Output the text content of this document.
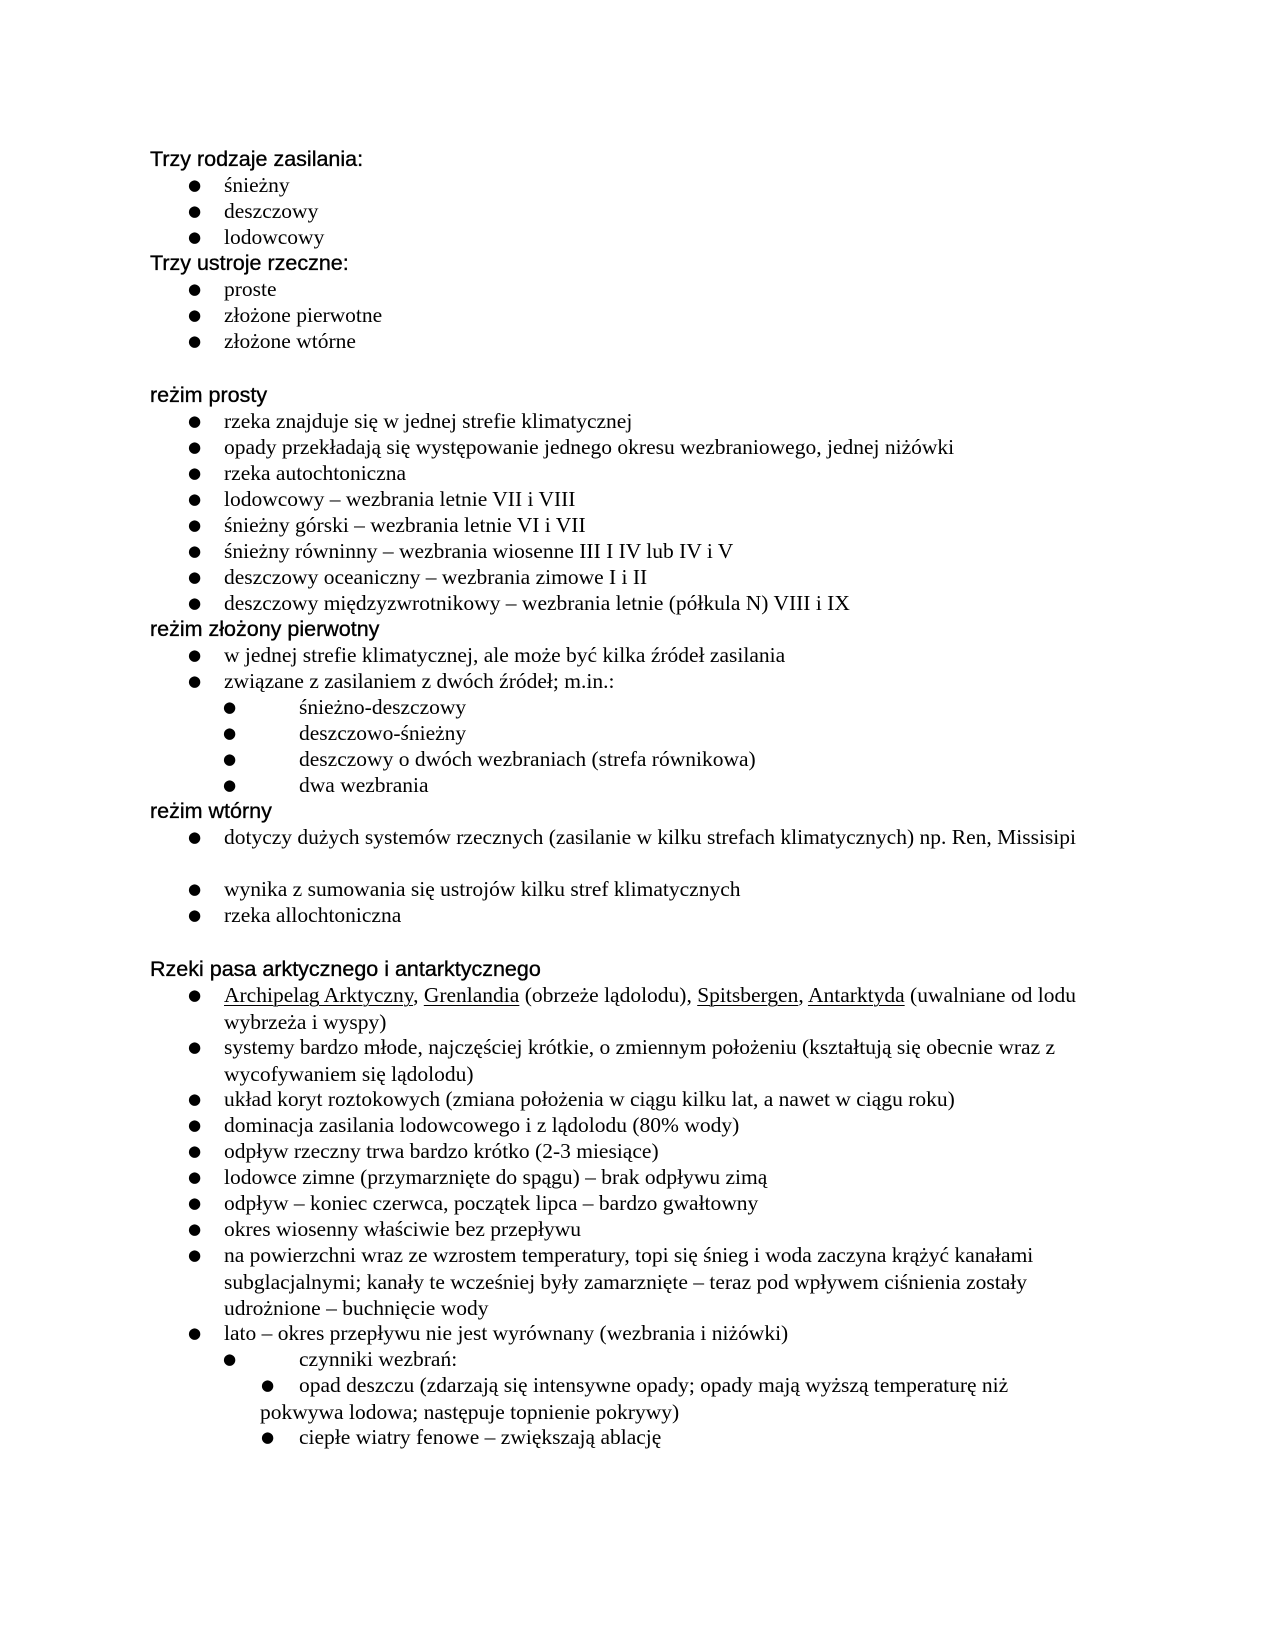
Trzy rodzaje zasilania:
● śnieżny
● deszczowy
● lodowcowy
Trzy ustroje rzeczne:
● proste
● złożone pierwotne
● złożone wtórne
reżim prosty
● rzeka znajduje się w jednej strefie klimatycznej
● opady przekładają się występowanie jednego okresu wezbraniowego, jednej niżówki
● rzeka autochtoniczna
● lodowcowy – wezbrania letnie VII i VIII
● śnieżny górski – wezbrania letnie VI i VII
● śnieżny równinny – wezbrania wiosenne III I IV lub IV i V
● deszczowy oceaniczny – wezbrania zimowe I i II
● deszczowy międzyzwrotnikowy – wezbrania letnie (półkula N) VIII i IX
reżim złożony pierwotny
● w jednej strefie klimatycznej, ale może być kilka źródeł zasilania
● związane z zasilaniem z dwóch źródeł; m.in.:
●	śnieżno-deszczowy
●	deszczowo-śnieżny
●	deszczowy o dwóch wezbraniach (strefa równikowa)
●	dwa wezbrania
reżim wtórny
● dotyczy dużych systemów rzecznych (zasilanie w kilku strefach klimatycznych) np. Ren, Missisipi
● wynika z sumowania się ustrojów kilku stref klimatycznych
● rzeka allochtoniczna
Rzeki pasa arktycznego i antarktycznego
● Archipelag Arktyczny, Grenlandia (obrzeże lądolodu), Spitsbergen, Antarktyda (uwalniane od lodu wybrzeża i wyspy)
● systemy bardzo młode, najczęściej krótkie, o zmiennym położeniu (kształtują się obecnie wraz z wycofywaniem się lądolodu)
● układ koryt roztokowych (zmiana położenia w ciągu kilku lat, a nawet w ciągu roku)
● dominacja zasilania lodowcowego i z lądolodu (80% wody)
● odpływ rzeczny trwa bardzo krótko (2-3 miesiące)
● lodowce zimne (przymarznięte do spągu) – brak odpływu zimą
● odpływ – koniec czerwca, początek lipca – bardzo gwałtowny
● okres wiosenny właściwie bez przepływu
● na powierzchni wraz ze wzrostem temperatury, topi się śnieg i woda zaczyna krążyć kanałami subglacjalnymi; kanały te wcześniej były zamarznięte – teraz pod wpływem ciśnienia zostały udrożnione – buchnięcie wody
● lato – okres przepływu nie jest wyrównany (wezbrania i niżówki)
●	czynniki wezbrań:
● opad deszczu (zdarzają się intensywne opady; opady mają wyższą temperaturę niż pokwywa lodowa; następuje topnienie pokrywy)
● ciepłe wiatry fenowe – zwiększają ablację
